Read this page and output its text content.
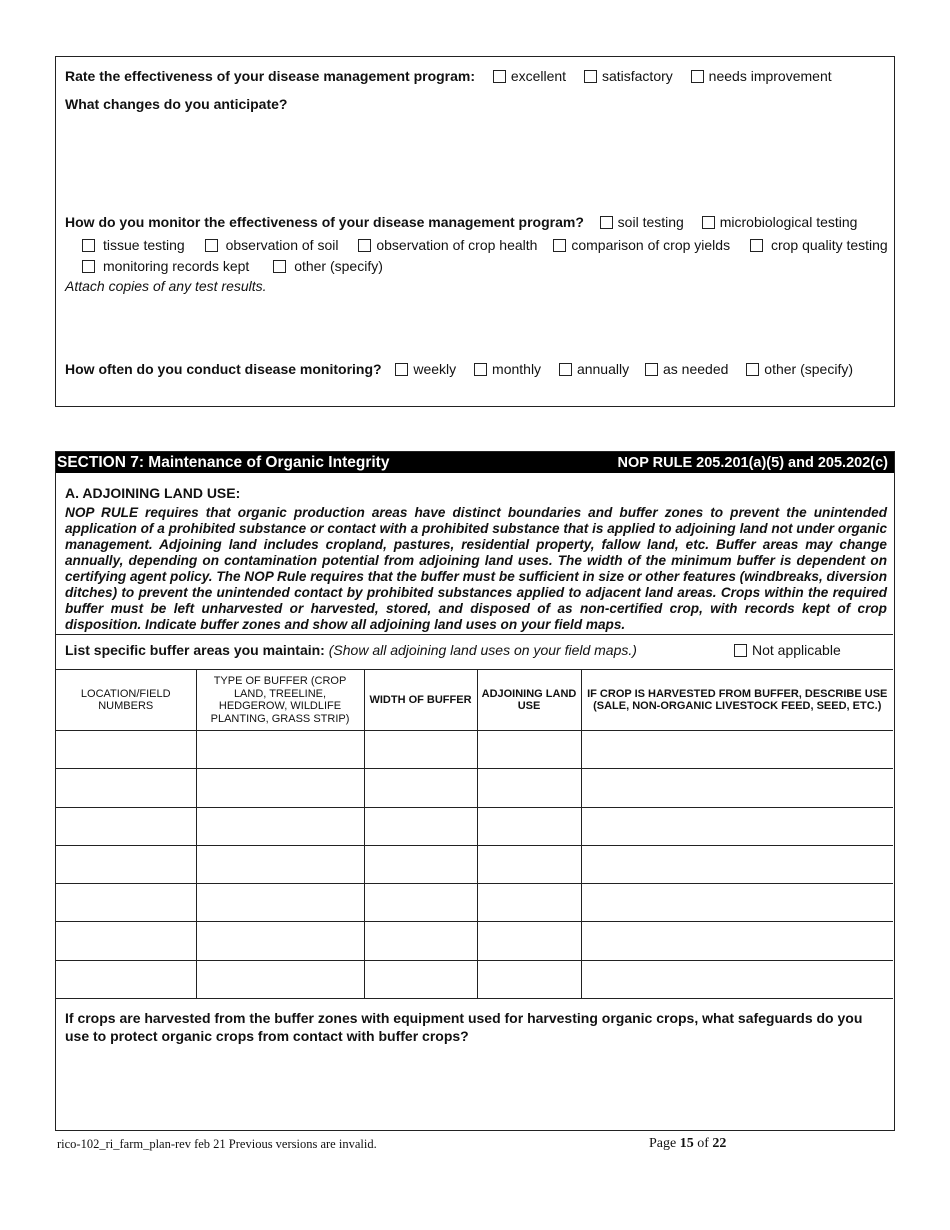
Rate the effectiveness of your disease management program:	excellent	satisfactory	needs improvement
What changes do you anticipate?
How do you monitor the effectiveness of your disease management program? soil testing	microbiological testing
tissue testing	observation of soil	observation of crop health comparison of crop yields	crop quality testing
monitoring records kept	other (specify)
Attach copies of any test results.
How often do you conduct disease monitoring? weekly	monthly	annually as needed	other (specify)
SECTION 7: Maintenance of Organic Integrity	NOP RULE 205.201(a)(5) and 205.202(c)
A. ADJOINING LAND USE:
NOP RULE requires that organic production areas have distinct boundaries and buffer zones to prevent the unintended application of a prohibited substance or contact with a prohibited substance that is applied to adjoining land not under organic management. Adjoining land includes cropland, pastures, residential property, fallow land, etc. Buffer areas may change annually, depending on contamination potential from adjoining land uses. The width of the minimum buffer is dependent on certifying agent policy. The NOP Rule requires that the buffer must be sufficient in size or other features (windbreaks, diversion ditches) to prevent the unintended contact by prohibited substances applied to adjacent land areas. Crops within the required buffer must be left unharvested or harvested, stored, and disposed of as non-certified crop, with records kept of crop disposition. Indicate buffer zones and show all adjoining land uses on your field maps.
List specific buffer areas you maintain: (Show all adjoining land uses on your field maps.)	Not applicable
LOCATION/FIELD NUMBERS	TYPE OF BUFFER (CROP LAND, TREELINE, HEDGEROW, WILDLIFE PLANTING, GRASS STRIP)	WIDTH OF BUFFER	ADJOINING LAND USE	IF CROP IS HARVESTED FROM BUFFER, DESCRIBE USE (SALE, NON-ORGANIC LIVESTOCK FEED, SEED, ETC.)

If crops are harvested from the buffer zones with equipment used for harvesting organic crops, what safeguards do you use to protect organic crops from contact with buffer crops?
rico-102_ri_farm_plan-rev feb 21 Previous versions are invalid.	Page 15 of 22
